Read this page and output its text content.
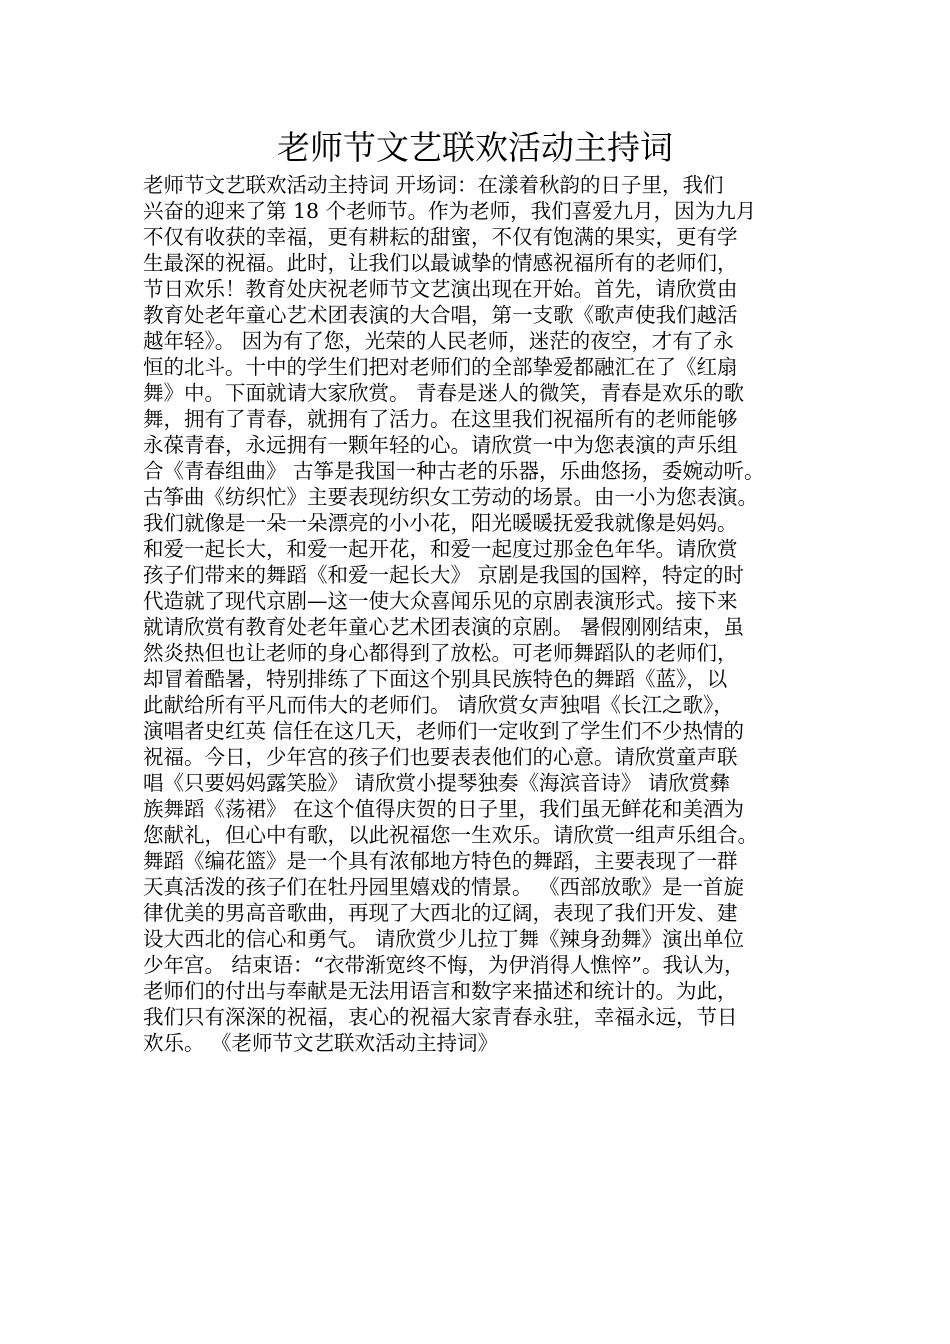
老师节文艺联欢活动主持词
老师节文艺联欢活动主持词 开场词：在漾着秋韵的日子里，我们
兴奋的迎来了第 18 个老师节。作为老师，我们喜爱九月，因为九月
不仅有收获的幸福，更有耕耘的甜蜜，不仅有饱满的果实，更有学
生最深的祝福。此时，让我们以最诚挚的情感祝福所有的老师们，
节日欢乐！教育处庆祝老师节文艺演出现在开始。首先，请欣赏由
教育处老年童心艺术团表演的大合唱，第一支歌《歌声使我们越活
越年轻》。 因为有了您，光荣的人民老师，迷茫的夜空，才有了永
恒的北斗。十中的学生们把对老师们的全部挚爱都融汇在了《红扇
舞》中。下面就请大家欣赏。 青春是迷人的微笑，青春是欢乐的歌
舞，拥有了青春，就拥有了活力。在这里我们祝福所有的老师能够
永葆青春，永远拥有一颗年轻的心。请欣赏一中为您表演的声乐组
合《青春组曲》 古筝是我国一种古老的乐器，乐曲悠扬，委婉动听。
古筝曲《纺织忙》主要表现纺织女工劳动的场景。由一小为您表演。
我们就像是一朵一朵漂亮的小小花，阳光暖暖抚爱我就像是妈妈。
和爱一起长大，和爱一起开花，和爱一起度过那金色年华。请欣赏
孩子们带来的舞蹈《和爱一起长大》 京剧是我国的国粹，特定的时
代造就了现代京剧—这一使大众喜闻乐见的京剧表演形式。接下来
就请欣赏有教育处老年童心艺术团表演的京剧。 暑假刚刚结束，虽
然炎热但也让老师的身心都得到了放松。可老师舞蹈队的老师们，
却冒着酷暑，特别排练了下面这个别具民族特色的舞蹈《蓝》，以
此献给所有平凡而伟大的老师们。 请欣赏女声独唱《长江之歌》，
演唱者史红英 信任在这几天，老师们一定收到了学生们不少热情的
祝福。今日，少年宫的孩子们也要表表他们的心意。请欣赏童声联
唱《只要妈妈露笑脸》 请欣赏小提琴独奏《海滨音诗》 请欣赏彝
族舞蹈《荡裙》 在这个值得庆贺的日子里，我们虽无鲜花和美酒为
您献礼，但心中有歌，以此祝福您一生欢乐。请欣赏一组声乐组合。
舞蹈《编花篮》是一个具有浓郁地方特色的舞蹈，主要表现了一群
天真活泼的孩子们在牡丹园里嬉戏的情景。 《西部放歌》是一首旋
律优美的男高音歌曲，再现了大西北的辽阔，表现了我们开发、建
设大西北的信心和勇气。 请欣赏少儿拉丁舞《辣身劲舞》演出单位
少年宫。 结束语：“衣带渐宽终不悔，为伊消得人憔悴”。我认为，
老师们的付出与奉献是无法用语言和数字来描述和统计的。为此，
我们只有深深的祝福，衷心的祝福大家青春永驻，幸福永远，节日
欢乐。 《老师节文艺联欢活动主持词》
